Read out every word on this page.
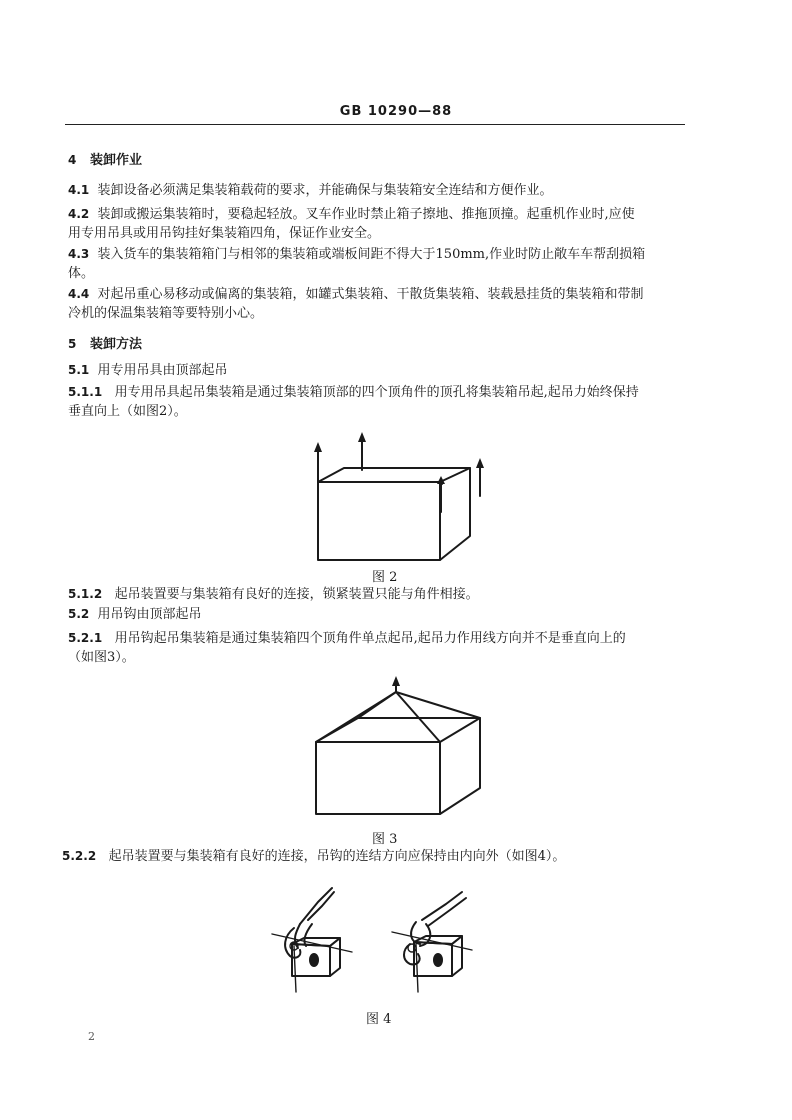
GB 10290—88
4 装卸作业
4.1 装卸设备必须满足集装箱载荷的要求，并能确保与集装箱安全连结和方便作业。
4.2 装卸或搬运集装箱时，要稳起轻放。叉车作业时禁止箱子擦地、推拖顶撞。起重机作业时,应使
用专用吊具或用吊钩挂好集装箱四角，保证作业安全。
4.3 装入货车的集装箱箱门与相邻的集装箱或端板间距不得大于150mm,作业时防止敞车车帮刮损箱
体。
4.4 对起吊重心易移动或偏离的集装箱，如罐式集装箱、干散货集装箱、装载悬挂货的集装箱和带制
冷机的保温集装箱等要特别小心。
5 装卸方法
5.1 用专用吊具由顶部起吊
5.1.1 用专用吊具起吊集装箱是通过集装箱顶部的四个顶角件的顶孔将集装箱吊起,起吊力始终保持
垂直向上（如图2）。
图 2
5.1.2 起吊装置要与集装箱有良好的连接，锁紧装置只能与角件相接。
5.2 用吊钩由顶部起吊
5.2.1 用吊钩起吊集装箱是通过集装箱四个顶角件单点起吊,起吊力作用线方向并不是垂直向上的
（如图3）。
图 3
5.2.2 起吊装置要与集装箱有良好的连接，吊钩的连结方向应保持由内向外（如图4）。
图 4
2
